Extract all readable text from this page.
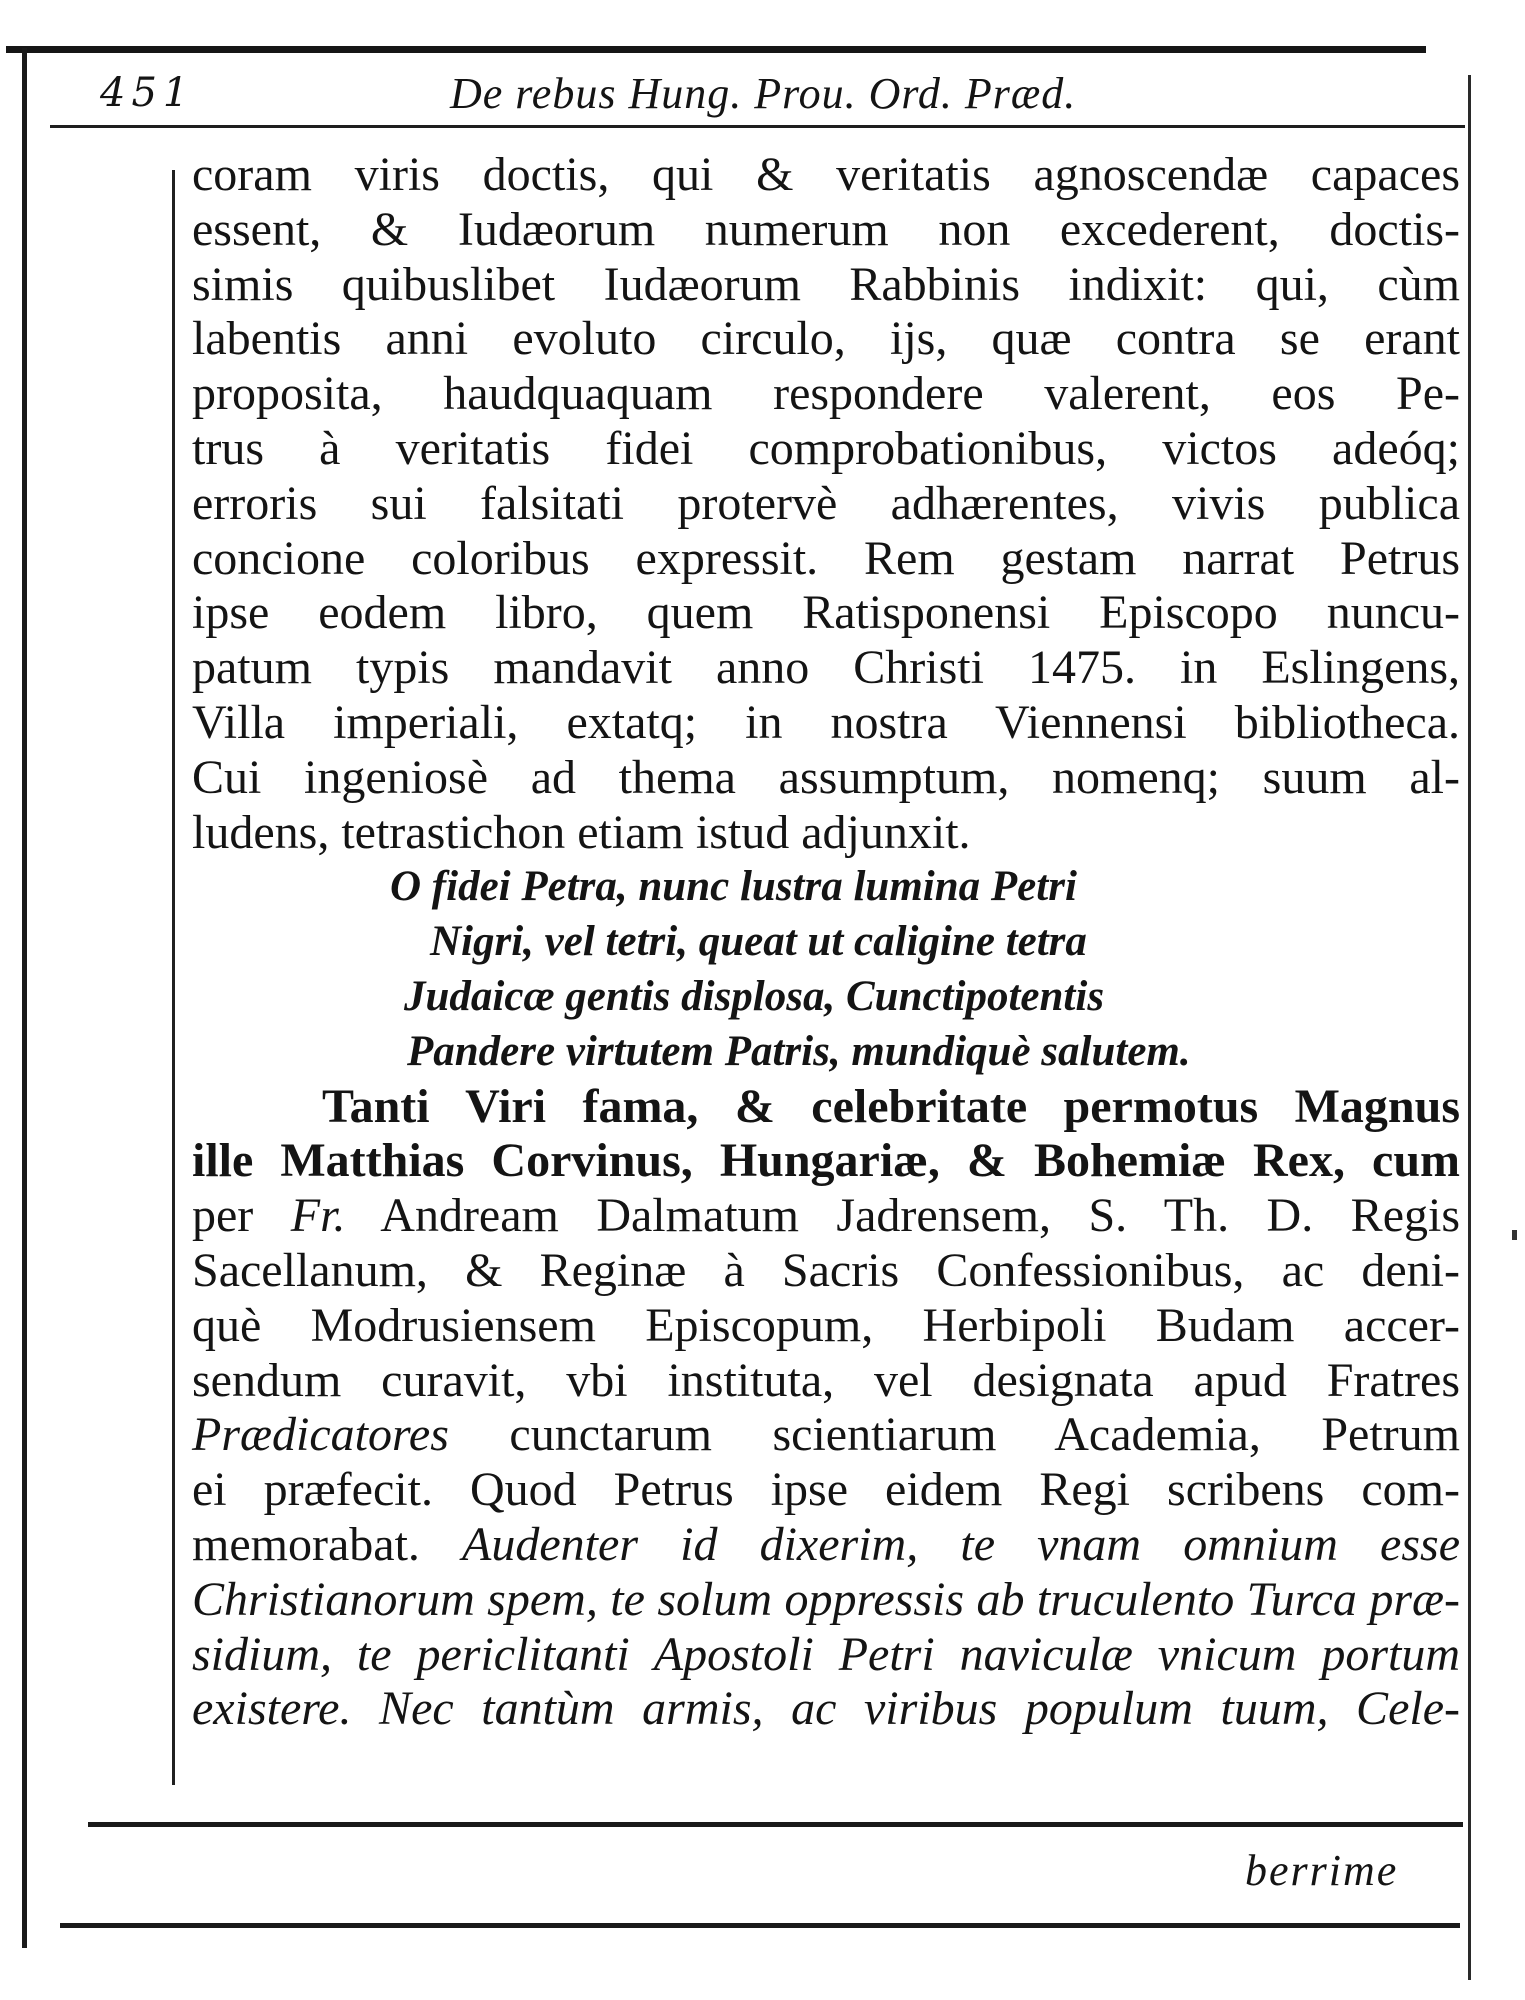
451	De rebus Hung. Prou. Ord. Præd.
coram viris doctis, qui & veritatis agnoscendæ capaces
essent, & Iudæorum numerum non excederent, doctis-
simis quibuslibet Iudæorum Rabbinis indixit: qui, cùm
labentis anni evoluto circulo, ijs, quæ contra se erant
proposita, haudquaquam respondere valerent, eos Pe-
trus à veritatis fidei comprobationibus, victos adeóq;
erroris sui falsitati protervè adhærentes, vivis publica
concione coloribus expressit. Rem gestam narrat Petrus
ipse eodem libro, quem Ratisponensi Episcopo nuncu-
patum typis mandavit anno Christi 1475. in Eslingens,
Villa imperiali, extatq; in nostra Viennensi bibliotheca.
Cui ingeniosè ad thema assumptum, nomenq; suum al-
ludens, tetrastichon etiam istud adjunxit.
O fidei Petra, nunc lustra lumina Petri
Nigri, vel tetri, queat ut caligine tetra
Judaicæ gentis displosa, Cunctipotentis
Pandere virtutem Patris, mundiquè salutem.
Tanti Viri fama, & celebritate permotus Magnus
ille Matthias Corvinus, Hungariæ, & Bohemiæ Rex, cum
per Fr. Andream Dalmatum Jadrensem, S. Th. D. Regis
Sacellanum, & Reginæ à Sacris Confessionibus, ac deni-
què Modrusiensem Episcopum, Herbipoli Budam accer-
sendum curavit, vbi instituta, vel designata apud Fratres
Prædicatores cunctarum scientiarum Academia, Petrum
ei præfecit. Quod Petrus ipse eidem Regi scribens com-
memorabat. Audenter id dixerim, te vnam omnium esse
Christianorum spem, te solum oppressis ab truculento Turca præ-
sidium, te periclitanti Apostoli Petri naviculæ vnicum portum
existere. Nec tantùm armis, ac viribus populum tuum, Cele-
berrime
